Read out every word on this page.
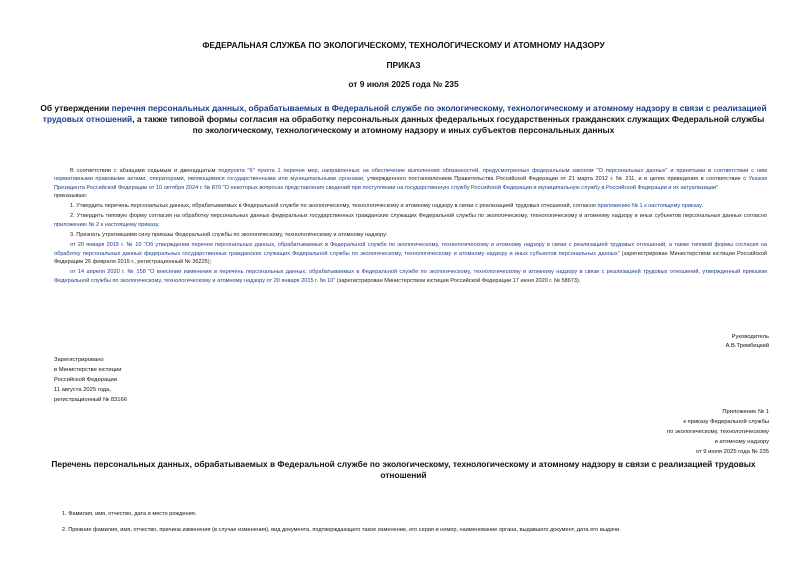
ФЕДЕРАЛЬНАЯ СЛУЖБА ПО ЭКОЛОГИЧЕСКОМУ, ТЕХНОЛОГИЧЕСКОМУ И АТОМНОМУ НАДЗОРУ
ПРИКАЗ
от 9 июля 2025 года № 235
Об утверждении перечня персональных данных, обрабатываемых в Федеральной службе по экологическому, технологическому и атомному надзору в связи с реализацией трудовых отношений, а также типовой формы согласия на обработку персональных данных федеральных государственных гражданских служащих Федеральной службы по экологическому, технологическому и атомному надзору и иных субъектов персональных данных

В соответствии с абзацами седьмым и двенадцатым подпункта "б" пункта 1 перечня мер, направленных на обеспечение выполнения обязанностей, предусмотренных федеральным законом "О персональных данных" и принятыми в соответствии с ним нормативными правовыми актами, операторами, являющимися государственными или муниципальными органами, утвержденного постановлением Правительства Российской Федерации от 21 марта 2012 г. № 211, и в целях приведения в соответствие с Указом Президента Российской Федерации от 10 октября 2024 г. № 870 "О некоторых вопросах представления сведений при поступлении на государственную службу Российской Федерации и муниципальную службу в Российской Федерации и их актуализации"

приказываю:

1. Утвердить перечень персональных данных, обрабатываемых в Федеральной службе по экологическому, технологическому и атомному надзору в связи с реализацией трудовых отношений, согласно приложению № 1 к настоящему приказу.

2. Утвердить типовую форму согласия на обработку персональных данных федеральных государственных гражданских служащих Федеральной службы по экологическому, технологическому и атомному надзору и иных субъектов персональных данных согласно приложению № 2 к настоящему приказу.

3. Признать утратившими силу приказы Федеральной службы по экологическому, технологическому и атомному надзору:

от 20 января 2015 г. № 10 "Об утверждении перечня персональных данных, обрабатываемых в Федеральной службе по экологическому, технологическому и атомному надзору в связи с реализацией трудовых отношений, а также типовой формы согласия на обработку персональных данных федеральных государственных гражданских служащих Федеральной службы по экологическому, технологическому и атомному надзору и иных субъектов персональных данных" (зарегистрирован Министерством юстиции Российской Федерации 26 февраля 2015 г., регистрационный № 36225);

от 14 апреля 2020 г. № 158 "О внесении изменения в перечень персональных данных, обрабатываемых в Федеральной службе по экологическому, технологическому и атомному надзору в связи с реализацией трудовых отношений, утвержденный приказом Федеральной службы по экологическому, технологическому и атомному надзору от 20 января 2015 г. № 10" (зарегистрирован Министерством юстиции Российской Федерации 17 июня 2020 г. № 58673).

Руководитель
А.В.Трембицкий
Зарегистрировано
в Министерстве юстиции
Российской Федерации
11 августа 2025 года,
регистрационный № 83166
Приложение № 1
к приказу Федеральной службы
по экологическому, технологическому
и атомному надзору
от 9 июля 2025 года № 235
Перечень персональных данных, обрабатываемых в Федеральной службе по экологическому, технологическому и атомному надзору в связи с реализацией трудовых отношений

1. Фамилия, имя, отчество, дата и место рождения.

2. Прежние фамилия, имя, отчество, причина изменения (в случае изменения), вид документа, подтверждающего такое изменение, его серия и номер, наименование органа, выдавшего документ, дата его выдачи.
